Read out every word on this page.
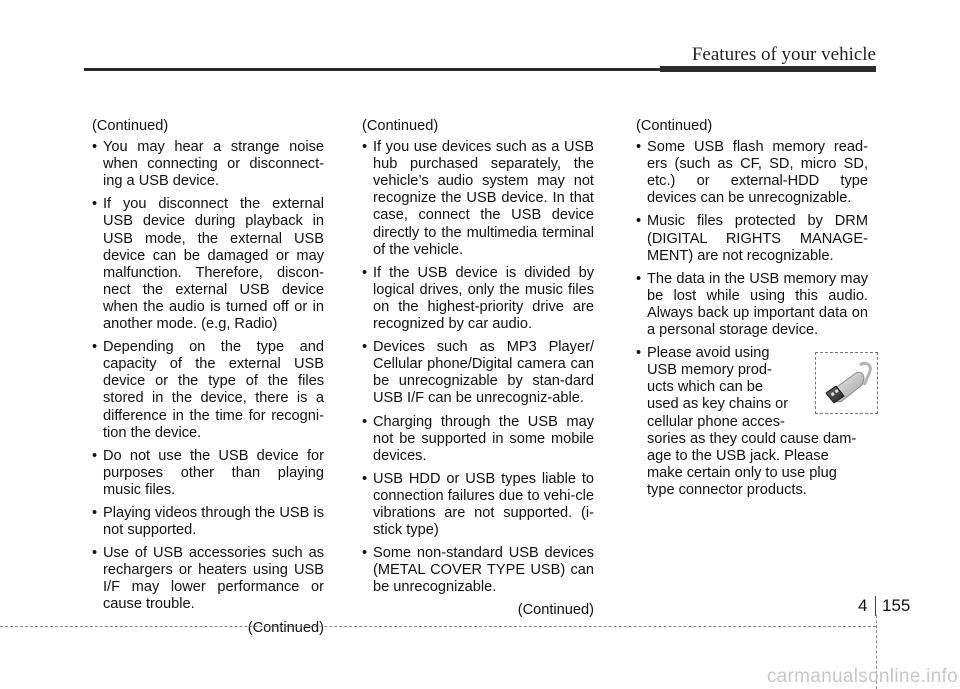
Features of your vehicle
(Continued)
• You may hear a strange noise when connecting or disconnect-ing a USB device.
• If you disconnect the external USB device during playback in USB mode, the external USB device can be damaged or may malfunction. Therefore, discon-nect the external USB device when the audio is turned off or in another mode. (e.g, Radio)
• Depending on the type and capacity of the external USB device or the type of the files stored in the device, there is a difference in the time for recogni-tion the device.
• Do not use the USB device for purposes other than playing music files.
• Playing videos through the USB is not supported.
• Use of USB accessories such as rechargers or heaters using USB I/F may lower performance or cause trouble.
(Continued)
(Continued)
• If you use devices such as a USB hub purchased separately, the vehicle’s audio system may not recognize the USB device. In that case, connect the USB device directly to the multimedia terminal of the vehicle.
• If the USB device is divided by logical drives, only the music files on the highest-priority drive are recognized by car audio.
• Devices such as MP3 Player/ Cellular phone/Digital camera can be unrecognizable by stan-dard USB I/F can be unrecogniz-able.
• Charging through the USB may not be supported in some mobile devices.
• USB HDD or USB types liable to connection failures due to vehi-cle vibrations are not supported. (i-stick type)
• Some non-standard USB devices (METAL COVER TYPE USB) can be unrecognizable.
(Continued)
(Continued)
• Some USB flash memory read-ers (such as CF, SD, micro SD, etc.) or external-HDD type devices can be unrecognizable.
• Music files protected by DRM (DIGITAL RIGHTS MANAGE-MENT) are not recognizable.
• The data in the USB memory may be lost while using this audio. Always back up important data on a personal storage device.
• Please avoid using
USB memory prod-
ucts which can be
used as key chains or
cellular phone acces-
sories as they could cause dam-
age to the USB jack. Please
make certain only to use plug
type connector products.
4 155
carmanualsonline.info
